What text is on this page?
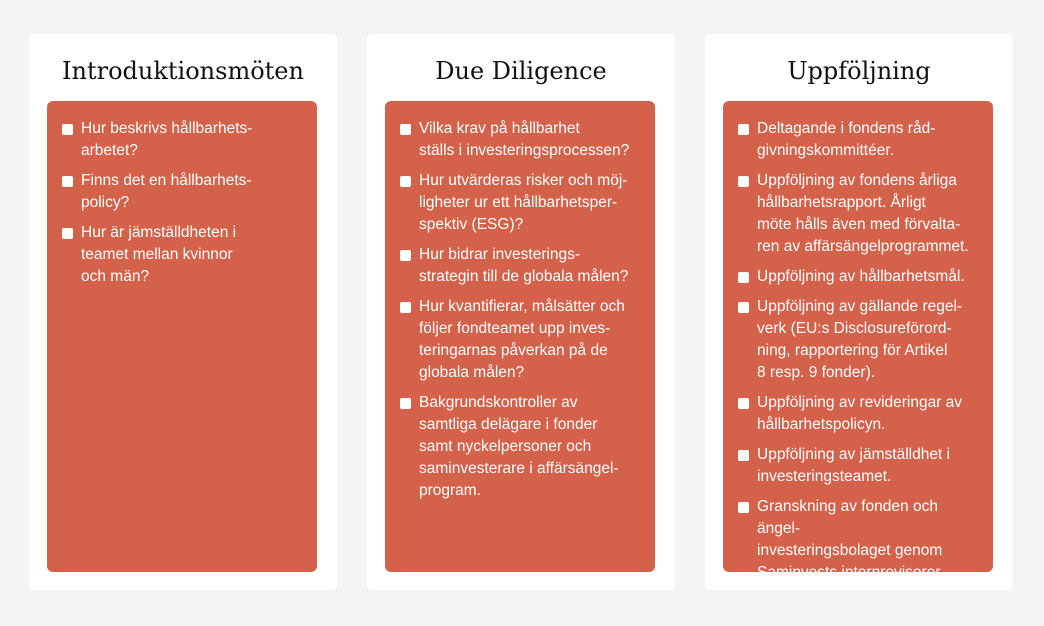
Introduktionsmöten
Hur beskrivs hållbarhets-
arbetet?
Finns det en hållbarhets-
policy?
Hur är jämställdheten i
teamet mellan kvinnor
och män?
Due Diligence
Vilka krav på hållbarhet
ställs i investeringsprocessen?
Hur utvärderas risker och möj-
ligheter ur ett hållbarhetsper-
spektiv (ESG)?
Hur bidrar investerings-
strategin till de globala målen?
Hur kvantifierar, målsätter och
följer fondteamet upp inves-
teringarnas påverkan på de
globala målen?
Bakgrundskontroller av
samtliga delägare i fonder
samt nyckelpersoner och
saminvesterare i affärsängel-
program.
Uppföljning
Deltagande i fondens råd-
givningskommittéer.
Uppföljning av fondens årliga
hållbarhetsrapport. Årligt
möte hålls även med förvalta-
ren av affärsängelprogrammet.
Uppföljning av hållbarhetsmål.
Uppföljning av gällande regel-
verk (EU:s Disclosureförord-
ning, rapportering för Artikel
8 resp. 9 fonder).
Uppföljning av revideringar av
hållbarhetspolicyn.
Uppföljning av jämställdhet i
investeringsteamet.
Granskning av fonden och ängel-
investeringsbolaget genom
Saminvests internrevisorer.
